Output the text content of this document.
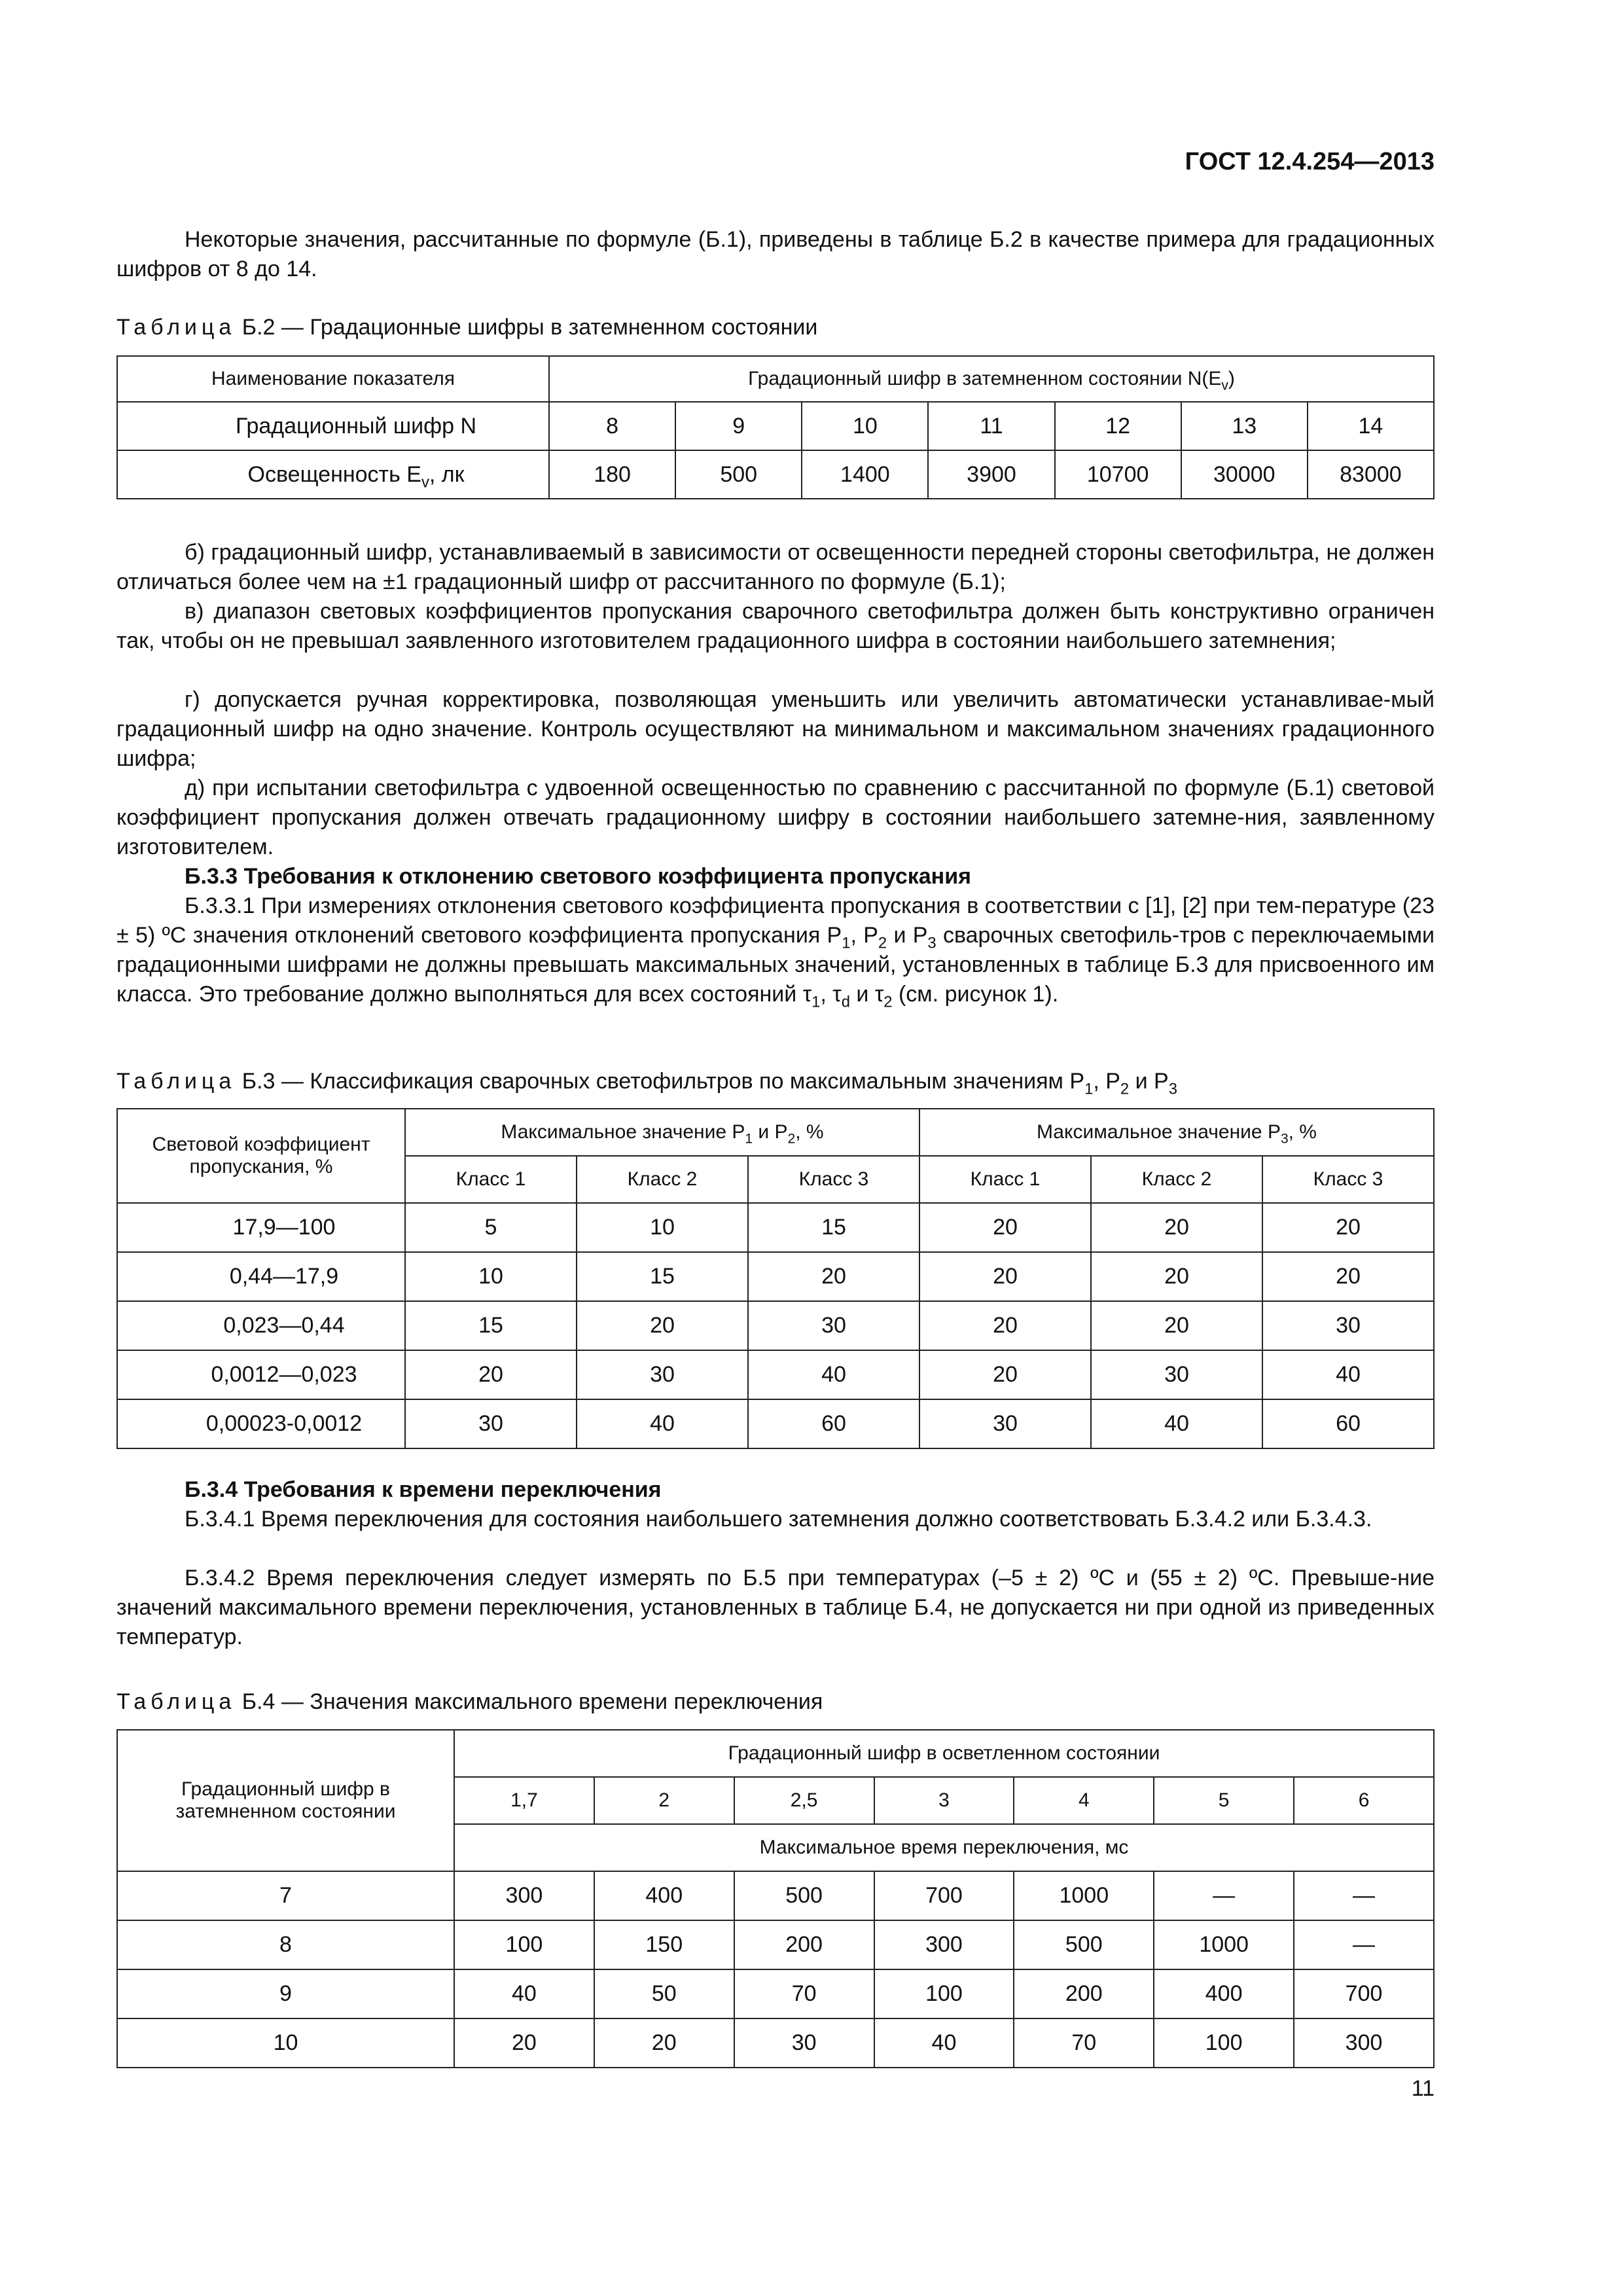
ГОСТ 12.4.254—2013

Некоторые значения, рассчитанные по формуле (Б.1), приведены в таблице Б.2 в качестве примера для градационных шифров от 8 до 14.

Таблица Б.2 — Градационные шифры в затемненном состоянии
Наименование показателя	Градационный шифр в затемненном состоянии $N(E_v)$						
Градационный шифр N	8	9	10	11	12	13	14
Освещенность $E_v$, лк	180	500	1400	3900	10700	30000	83000

б) градационный шифр, устанавливаемый в зависимости от освещенности передней стороны светофильтра, не должен отличаться более чем на ±1 градационный шифр от рассчитанного по формуле (Б.1);

в) диапазон световых коэффициентов пропускания сварочного светофильтра должен быть конструктивно ограничен так, чтобы он не превышал заявленного изготовителем градационного шифра в состоянии наибольшего затемнения;

г) допускается ручная корректировка, позволяющая уменьшить или увеличить автоматически устанавливае-мый градационный шифр на одно значение. Контроль осуществляют на минимальном и максимальном значениях градационного шифра;

д) при испытании светофильтра с удвоенной освещенностью по сравнению с рассчитанной по формуле (Б.1) световой коэффициент пропускания должен отвечать градационному шифру в состоянии наибольшего затемне-ния, заявленному изготовителем.

Б.3.3 Требования к отклонению светового коэффициента пропускания

Б.3.3.1 При измерениях отклонения светового коэффициента пропускания в соответствии с [1], [2] при тем-пературе (23 ± 5) ºС значения отклонений светового коэффициента пропускания $P_1$, $P_2$ и $P_3$ сварочных светофиль-тров с переключаемыми градационными шифрами не должны превышать максимальных значений, установленных в таблице Б.3 для присвоенного им класса. Это требование должно выполняться для всех состояний $\tau_1$, $\tau_d$ и $\tau_2$ (см. рисунок 1).

Таблица Б.3 — Классификация сварочных светофильтров по максимальным значениям $P_1$, $P_2$ и $P_3$
Световой коэффициент пропускания, %	Максимальное значение $P_1$ и $P_2$, %			Максимальное значение $P_3$, %		
	Класс 1	Класс 2	Класс 3	Класс 1	Класс 2	Класс 3
17,9—100	5	10	15	20	20	20
0,44—17,9	10	15	20	20	20	20
0,023—0,44	15	20	30	20	20	30
0,0012—0,023	20	30	40	20	30	40
0,00023-0,0012	30	40	60	30	40	60
Б.3.4 Требования к времени переключения

Б.3.4.1 Время переключения для состояния наибольшего затемнения должно соответствовать Б.3.4.2 или Б.3.4.3.

Б.3.4.2 Время переключения следует измерять по Б.5 при температурах (–5 ± 2) ºС и (55 ± 2) ºС. Превыше-ние значений максимального времени переключения, установленных в таблице Б.4, не допускается ни при одной из приведенных температур.

Таблица Б.4 — Значения максимального времени переключения
Градационный шифр в затемненном состоянии	Градационный шифр в осветленном состоянии						
	1,7	2	2,5	3	4	5	6
	Максимальное время переключения, мс						
7	300	400	500	700	1000	—	—
8	100	150	200	300	500	1000	—
9	40	50	70	100	200	400	700
10	20	20	30	40	70	100	300
11
